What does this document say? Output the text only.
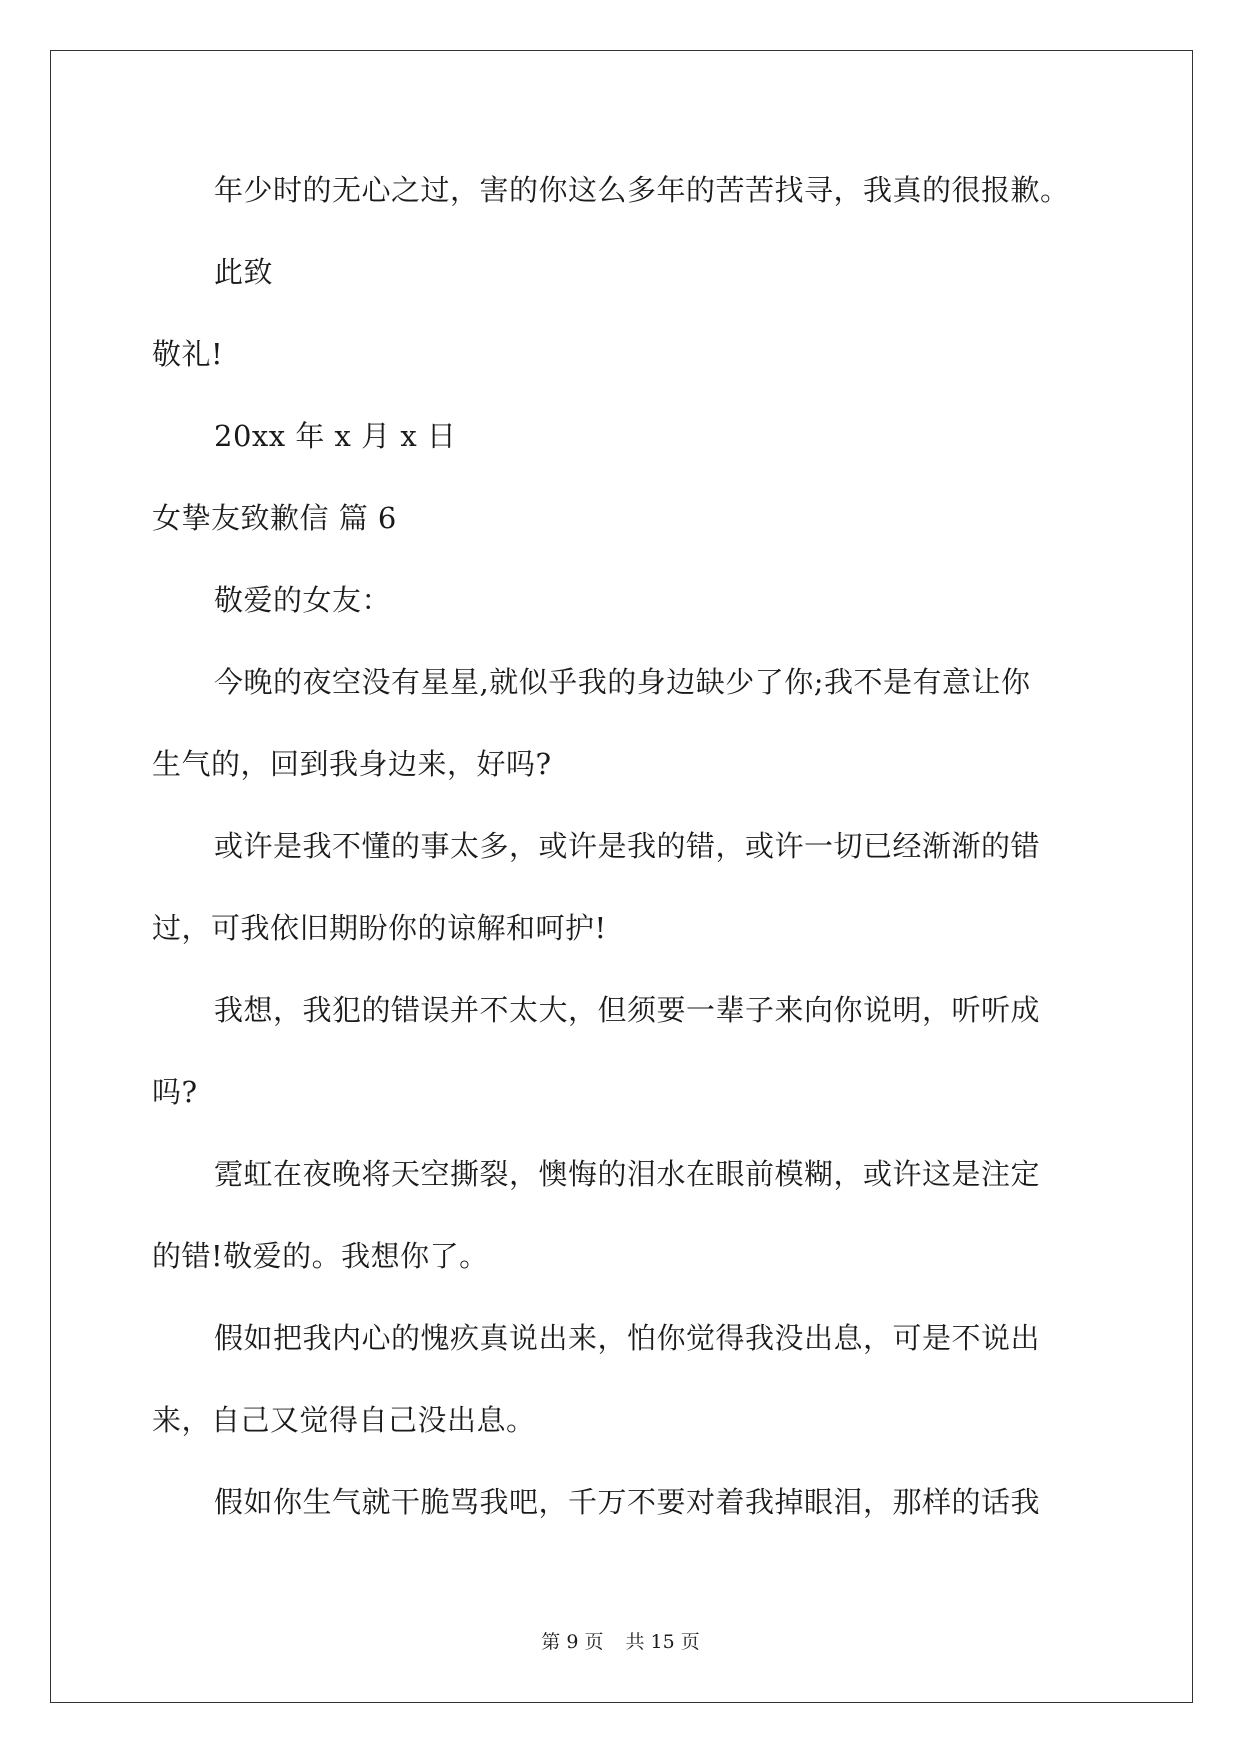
年少时的无心之过，害的你这么多年的苦苦找寻，我真的很报歉。
此致
敬礼!
20xx 年 x 月 x 日
女挚友致歉信 篇 6
敬爱的女友：
今晚的夜空没有星星,就似乎我的身边缺少了你;我不是有意让你
生气的，回到我身边来，好吗?
或许是我不懂的事太多，或许是我的错，或许一切已经渐渐的错
过，可我依旧期盼你的谅解和呵护!
我想，我犯的错误并不太大，但须要一辈子来向你说明，听听成
吗?
霓虹在夜晚将天空撕裂，懊悔的泪水在眼前模糊，或许这是注定
的错!敬爱的。我想你了。
假如把我内心的愧疚真说出来，怕你觉得我没出息，可是不说出
来，自己又觉得自己没出息。
假如你生气就干脆骂我吧，千万不要对着我掉眼泪，那样的话我
第 9 页 共 15 页
